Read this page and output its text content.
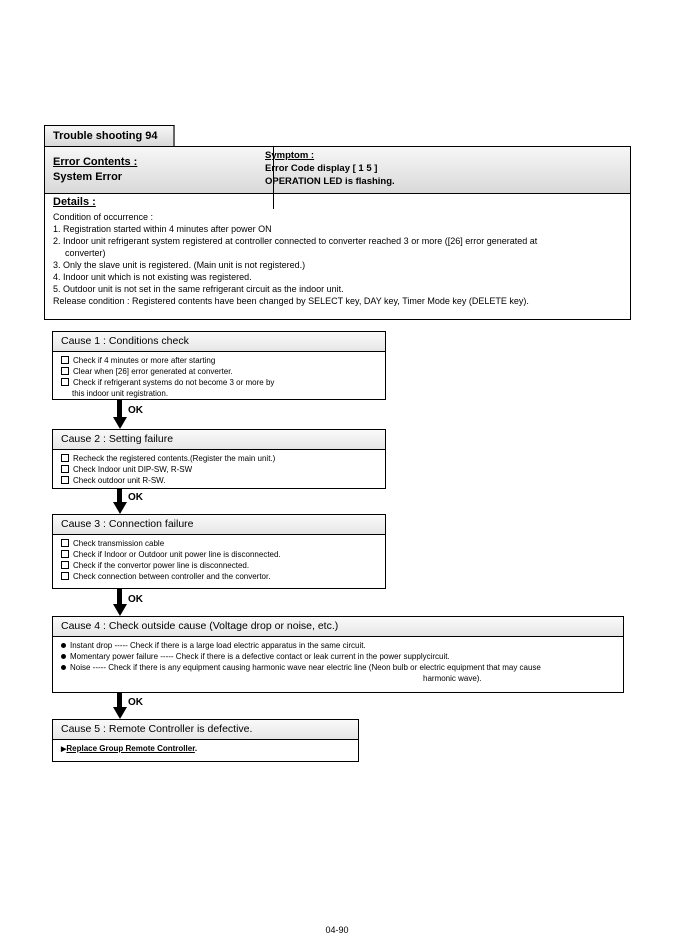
Trouble shooting 94
Error Contents :
System Error
Symptom :
Error Code display [ 1 5 ]
OPERATION LED is flashing.
Details :
Condition of occurrence :
1. Registration started within 4 minutes after power ON
2. Indoor unit refrigerant system registered at controller connected to converter reached 3 or more ([26] error generated at
converter)
3. Only the slave unit is registered. (Main unit is not registered.)
4. Indoor unit which is not existing was registered.
5. Outdoor unit is not set in the same refrigerant circuit as the indoor unit.
Release condition : Registered contents have been changed by SELECT key, DAY key, Timer Mode key (DELETE key).
Cause 1 : Conditions check
Check if 4 minutes or more after starting
Clear when [26] error generated at converter.
Check if refrigerant systems do not become 3 or more by
this indoor unit registration.
OK
Cause 2 : Setting failure
Recheck the registered contents.(Register the main unit.)
Check Indoor unit DIP-SW, R-SW
Check outdoor unit R-SW.
OK
Cause 3 : Connection failure
Check transmission cable
Check if Indoor or Outdoor unit power line is disconnected.
Check if the convertor power line is disconnected.
Check connection between controller and the convertor.
OK
Cause 4 : Check outside cause (Voltage drop or noise, etc.)
Instant drop ----- Check if there is a large load electric apparatus in the same circuit.
Momentary power failure ----- Check if there is a defective contact or leak current in the power supplycircuit.
Noise ----- Check if there is any equipment causing harmonic wave near electric line (Neon bulb or electric equipment that may cause
harmonic wave).
OK
Cause 5 : Remote Controller is defective.
▶Replace Group Remote Controller.
04-90
